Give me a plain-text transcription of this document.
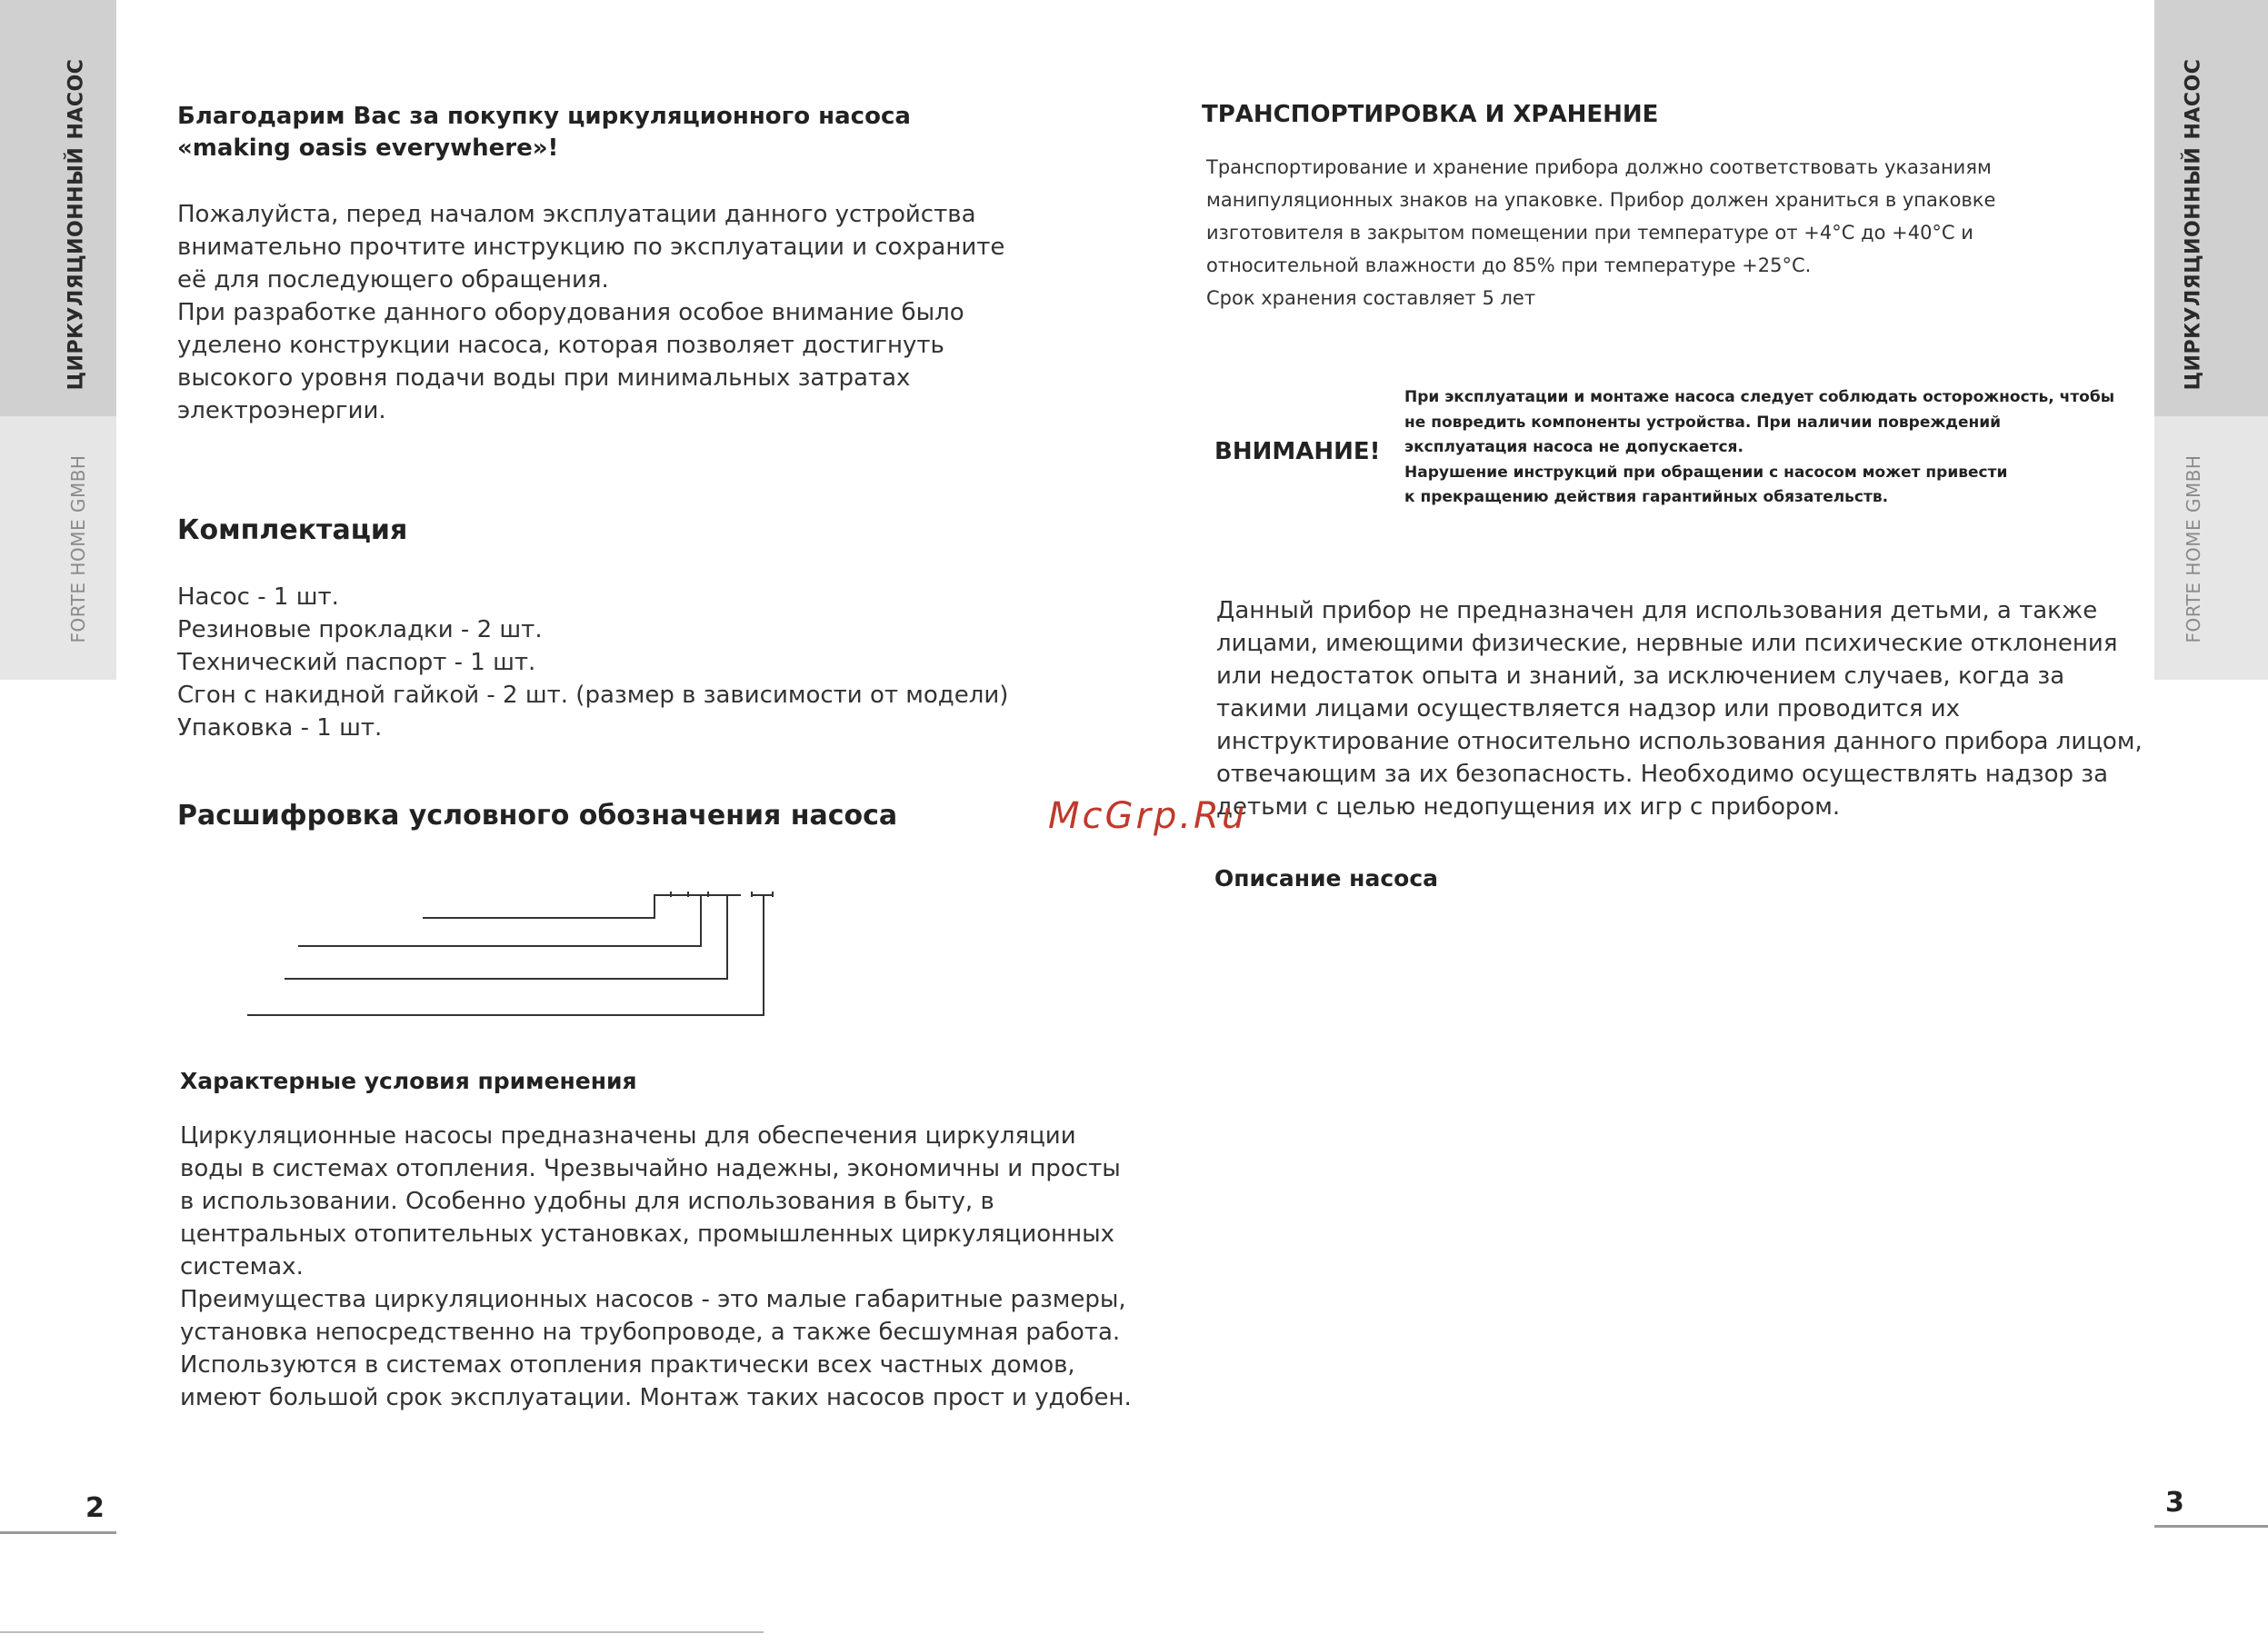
ЦИРКУЛЯЦИОННЫЙ НАСОС
FORTE HOME GMBH
ЦИРКУЛЯЦИОННЫЙ НАСОС
FORTE HOME GMBH

Благодарим Вас за покупку циркуляционного насоса

«making oasis everywhere»!

Пожалуйста, перед началом эксплуатации данного устройства

внимательно прочтите инструкцию по эксплуатации и сохраните

её для последующего обращения.

При разработке данного оборудования особое внимание было

уделено конструкции насоса, которая позволяет достигнуть

высокого уровня подачи воды при минимальных затратах

электроэнергии.

Комплектация

Насос - 1 шт.

Резиновые прокладки - 2 шт.

Технический паспорт - 1 шт.

Сгон с накидной гайкой - 2 шт. (размер в зависимости от модели)

Упаковка - 1 шт.

Расшифровка условного обозначения насоса
Характерные условия применения

Циркуляционные насосы предназначены для обеспечения циркуляции

воды в системах отопления. Чрезвычайно надежны, экономичны и просты

в использовании. Особенно удобны для использования в быту, в

центральных отопительных установках, промышленных циркуляционных

системах.

Преимущества циркуляционных насосов - это малые габаритные размеры,

установка непосредственно на трубопроводе, а также бесшумная работа.

Используются в системах отопления практически всех частных домов,

имеют большой срок эксплуатации. Монтаж таких насосов прост и удобен.

2
ТРАНСПОРТИРОВКА И ХРАНЕНИЕ

Транспортирование и хранение прибора должно соответствовать указаниям

манипуляционных знаков на упаковке. Прибор должен храниться в упаковке

изготовителя в закрытом помещении при температуре от +4°С до +40°С и

относительной влажности до 85% при температуре +25°С.

Срок хранения составляет 5 лет

ВНИМАНИЕ!

При эксплуатации и монтаже насоса следует соблюдать осторожность, чтобы

не повредить компоненты устройства. При наличии повреждений

эксплуатация насоса не допускается.

Нарушение инструкций при обращении с насосом может привести

к прекращению действия гарантийных обязательств.

Данный прибор не предназначен для использования детьми, а также

лицами, имеющими физические, нервные или психические отклонения

или недостаток опыта и знаний, за исключением случаев, когда за

такими лицами осуществляется надзор или проводится их

инструктирование относительно использования данного прибора лицом,

отвечающим за их безопасность. Необходимо осуществлять надзор за

детьми с целью недопущения их игр с прибором.

Описание насоса
3
McGrp.Ru
